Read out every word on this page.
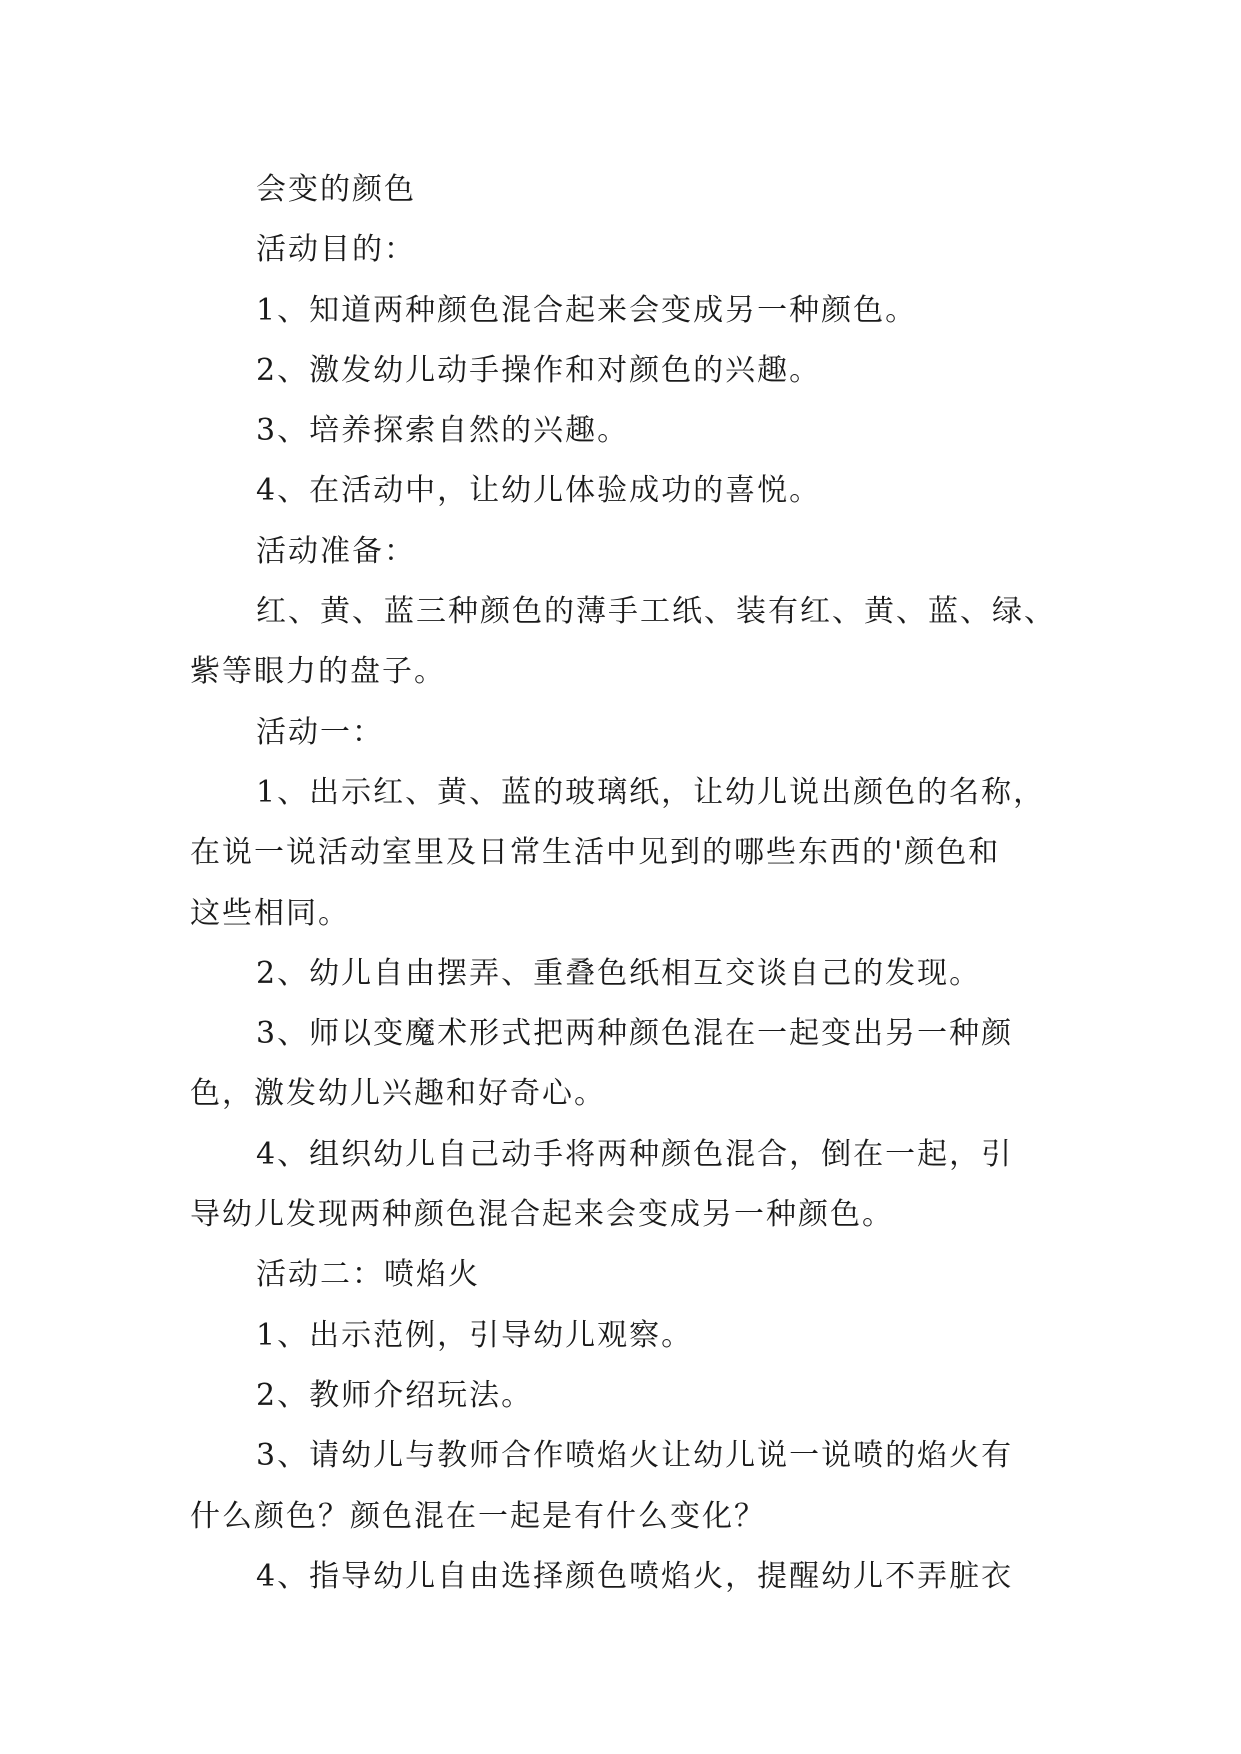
会变的颜色
活动目的：
1、知道两种颜色混合起来会变成另一种颜色。
2、激发幼儿动手操作和对颜色的兴趣。
3、培养探索自然的兴趣。
4、在活动中，让幼儿体验成功的喜悦。
活动准备：
红、黄、蓝三种颜色的薄手工纸、装有红、黄、蓝、绿、
紫等眼力的盘子。
活动一：
1、出示红、黄、蓝的玻璃纸，让幼儿说出颜色的名称，
在说一说活动室里及日常生活中见到的哪些东西的'颜色和
这些相同。
2、幼儿自由摆弄、重叠色纸相互交谈自己的发现。
3、师以变魔术形式把两种颜色混在一起变出另一种颜
色，激发幼儿兴趣和好奇心。
4、组织幼儿自己动手将两种颜色混合，倒在一起，引
导幼儿发现两种颜色混合起来会变成另一种颜色。
活动二：喷焰火
1、出示范例，引导幼儿观察。
2、教师介绍玩法。
3、请幼儿与教师合作喷焰火让幼儿说一说喷的焰火有
什么颜色？颜色混在一起是有什么变化？
4、指导幼儿自由选择颜色喷焰火，提醒幼儿不弄脏衣
